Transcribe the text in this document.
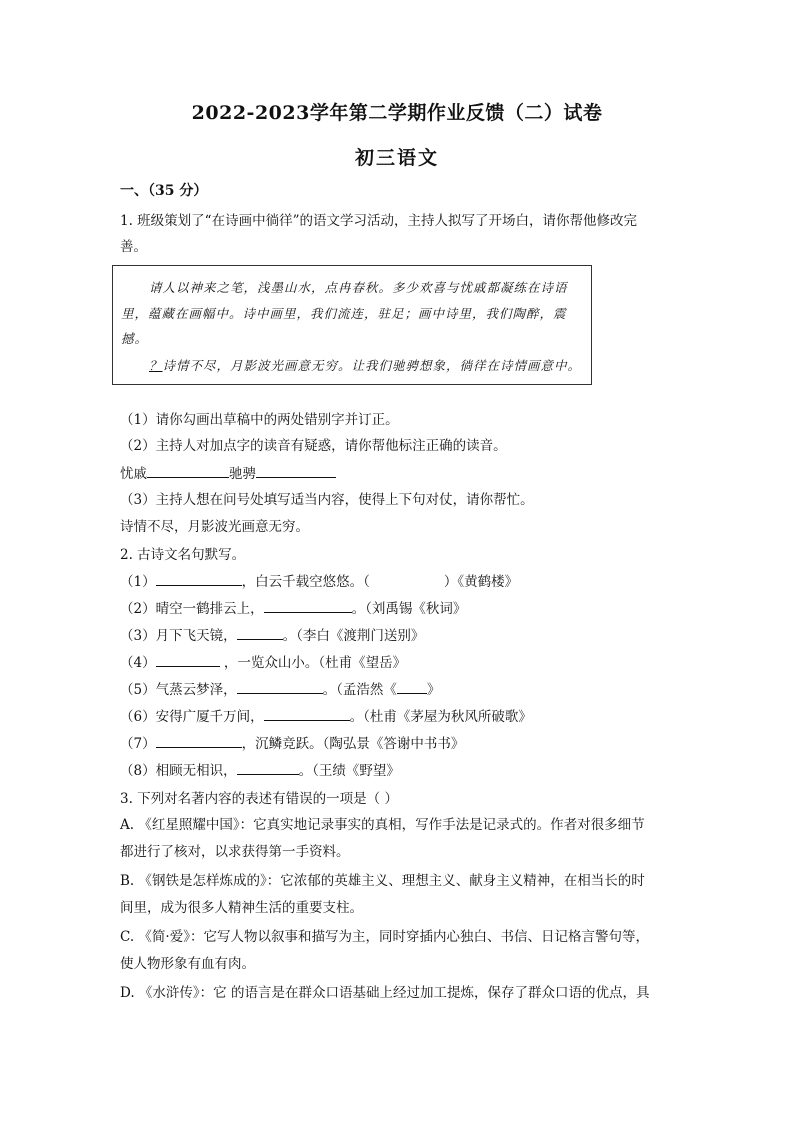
2022-2023学年第二学期作业反馈（二）试卷
初三语文
一、（35 分）
1. 班级策划了“在诗画中徜徉”的语文学习活动，主持人拟写了开场白，请你帮他修改完
善。
请人以神来之笔，浅墨山水，点冉春秋。多少欢喜与忧戚都凝练在诗语
里，蕴藏在画幅中。诗中画里，我们流连，驻足；画中诗里，我们陶醉，震
撼。
？诗情不尽，月影波光画意无穷。让我们驰骋想象，徜徉在诗情画意中。
（1）请你勾画出草稿中的两处错别字并订正。
（2）主持人对加点字的读音有疑惑，请你帮他标注正确的读音。
忧戚	驰骋
（3）主持人想在问号处填写适当内容，使得上下句对仗，请你帮忙。
诗情不尽，月影波光画意无穷。
2. 古诗文名句默写。
（1）	，白云千载空悠悠。（	）《黄鹤楼》
（2）晴空一鹤排云上，	。（刘禹锡《秋词》
（3）月下飞天镜，	。（李白《渡荆门送别》
（4）	，一览众山小。（杜甫《望岳》
（5）气蒸云梦泽，	。（孟浩然《 》
（6）安得广厦千万间，	。（杜甫《茅屋为秋风所破歌》
（7）	，沉鳞竞跃。（陶弘景《答谢中书书》
（8）相顾无相识，	。（王绩《野望》
3. 下列对名著内容的表述有错误的一项是（ ）
A. 《红星照耀中国》：它真实地记录事实的真相，写作手法是记录式的。作者对很多细节
都进行了核对，以求获得第一手资料。
B. 《钢铁是怎样炼成的》：它浓郁的英雄主义、理想主义、献身主义精神，在相当长的时
间里，成为很多人精神生活的重要支柱。
C. 《简·爱》：它写人物以叙事和描写为主，同时穿插内心独白、书信、日记格言警句等，
使人物形象有血有肉。
D. 《水浒传》：它 的语言是在群众口语基础上经过加工提炼，保存了群众口语的优点，具
